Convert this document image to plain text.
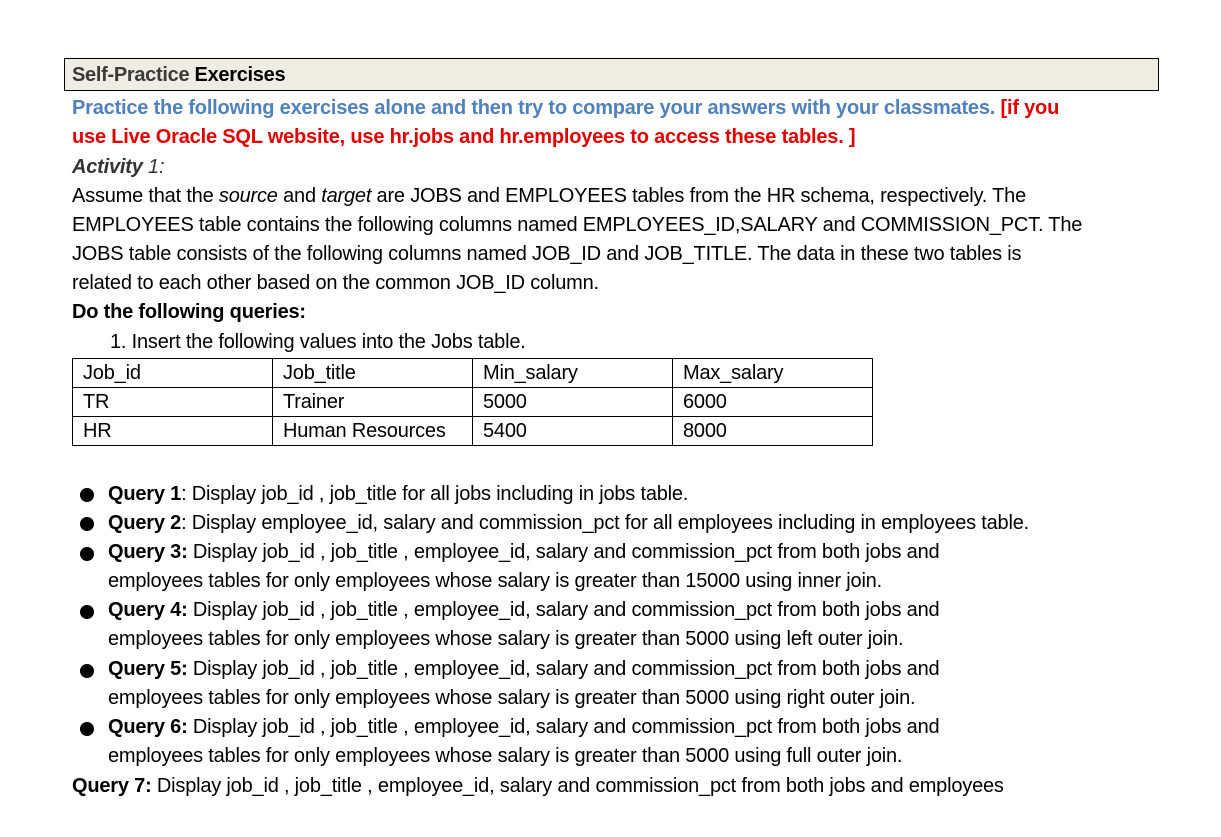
Self-Practice Exercises
Practice the following exercises alone and then try to compare your answers with your classmates. [if you
use Live Oracle SQL website, use hr.jobs and hr.employees to access these tables. ]
Activity 1:
Assume that the source and target are JOBS and EMPLOYEES tables from the HR schema, respectively. The
EMPLOYEES table contains the following columns named EMPLOYEES_ID,SALARY and COMMISSION_PCT. The
JOBS table consists of the following columns named JOB_ID and JOB_TITLE. The data in these two tables is
related to each other based on the common JOB_ID column.
Do the following queries:
1. Insert the following values into the Jobs table.
Job_id	Job_title	Min_salary	Max_salary
TR	Trainer	5000	6000
HR	Human Resources	5400	8000
Query 1: Display job_id , job_title for all jobs including in jobs table.
Query 2: Display employee_id, salary and commission_pct for all employees including in employees table.
Query 3: Display job_id , job_title , employee_id, salary and commission_pct from both jobs and
employees tables for only employees whose salary is greater than 15000 using inner join.
Query 4: Display job_id , job_title , employee_id, salary and commission_pct from both jobs and
employees tables for only employees whose salary is greater than 5000 using left outer join.
Query 5: Display job_id , job_title , employee_id, salary and commission_pct from both jobs and
employees tables for only employees whose salary is greater than 5000 using right outer join.
Query 6: Display job_id , job_title , employee_id, salary and commission_pct from both jobs and
employees tables for only employees whose salary is greater than 5000 using full outer join.
Query 7: Display job_id , job_title , employee_id, salary and commission_pct from both jobs and employees
